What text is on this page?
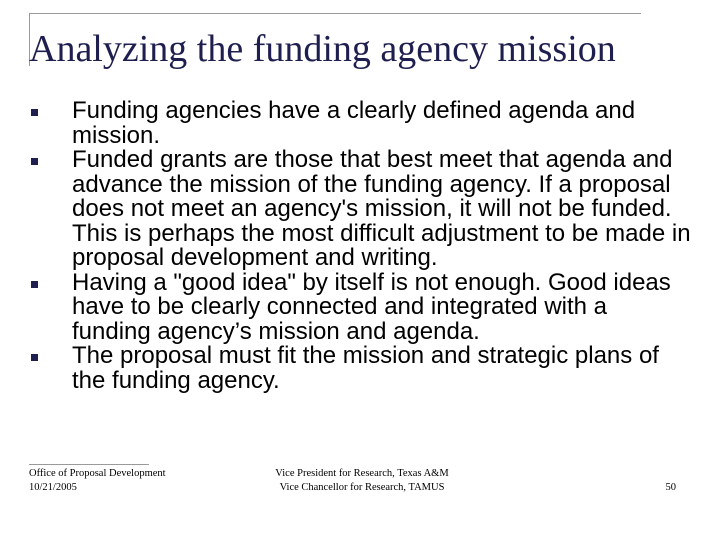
Analyzing the funding agency mission
Funding agencies have a clearly defined agenda and mission.
Funded grants are those that best meet that agenda and advance the mission of the funding agency. If a proposal does not meet an agency's mission, it will not be funded. This is perhaps the most difficult adjustment to be made in proposal development and writing.
Having a "good idea" by itself is not enough. Good ideas have to be clearly connected and integrated with a funding agency’s mission and agenda.
The proposal must fit the mission and strategic plans of the funding agency.
Office of Proposal Development
10/21/2005
Vice President for Research, Texas A&M
Vice Chancellor for Research, TAMUS	50
